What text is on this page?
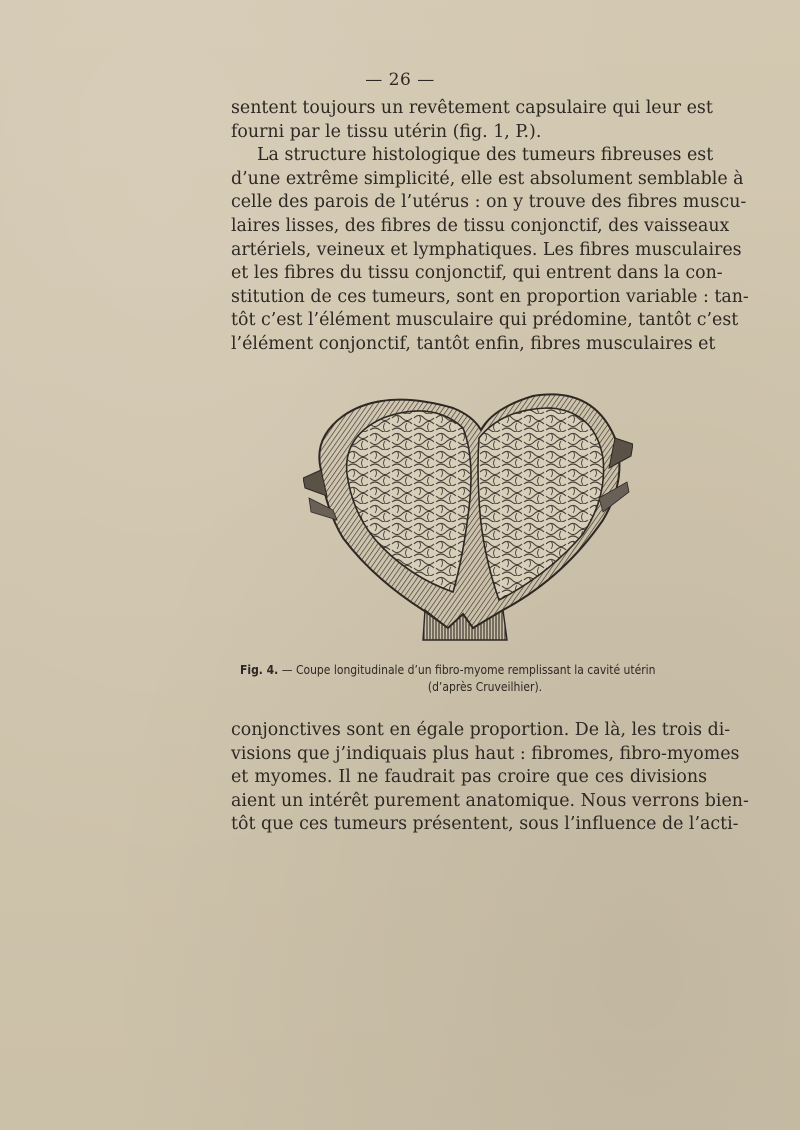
— 26 —
sentent toujours un revêtement capsulaire qui leur est
fourni par le tissu utérin (fig. 1, P.).
La structure histologique des tumeurs fibreuses est
d’une extrême simplicité, elle est absolument semblable à
celle des parois de l’utérus : on y trouve des fibres muscu-
laires lisses, des fibres de tissu conjonctif, des vaisseaux
artériels, veineux et lymphatiques. Les fibres musculaires
et les fibres du tissu conjonctif, qui entrent dans la con-
stitution de ces tumeurs, sont en proportion variable : tan-
tôt c’est l’élément musculaire qui prédomine, tantôt c’est
l’élément conjonctif, tantôt enfin, fibres musculaires et
Fig. 4. — Coupe longitudinale d’un fibro-myome remplissant la cavité utérin
(d’après Cruveilhier).
conjonctives sont en égale proportion. De là, les trois di-
visions que j’indiquais plus haut : fibromes, fibro-myomes
et myomes. Il ne faudrait pas croire que ces divisions
aient un intérêt purement anatomique. Nous verrons bien-
tôt que ces tumeurs présentent, sous l’influence de l’acti-
